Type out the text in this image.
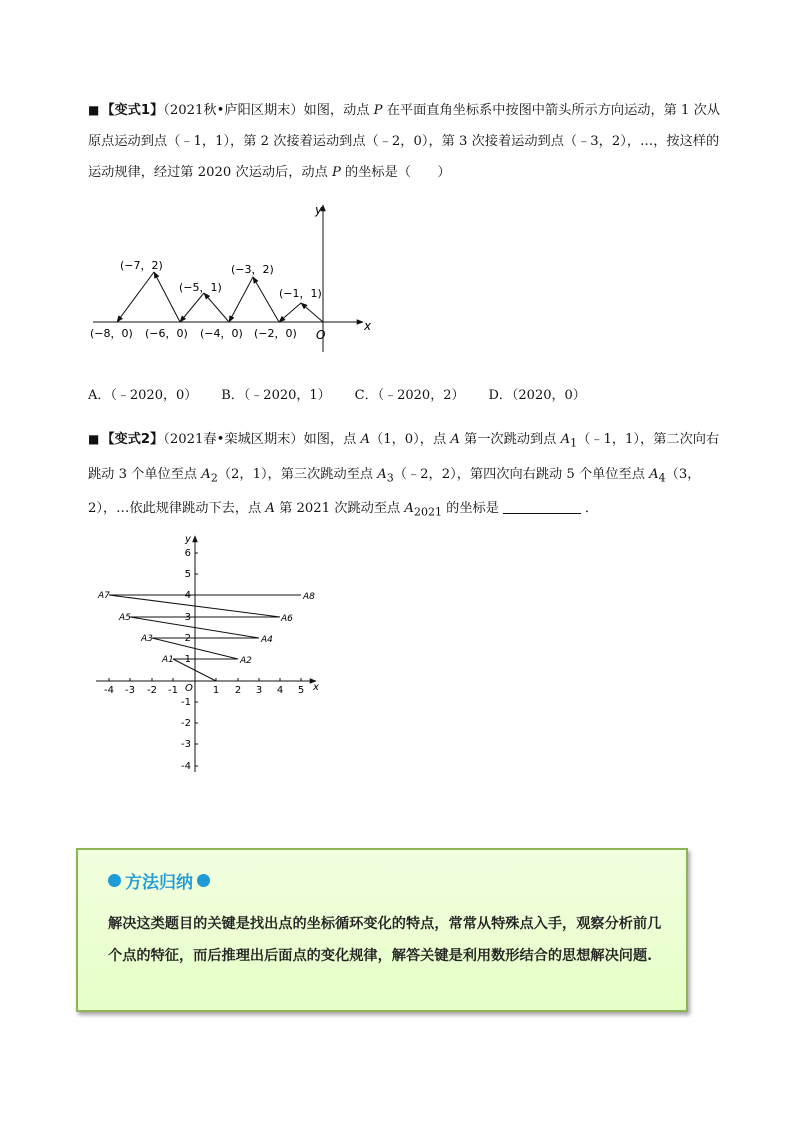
■ 【变式1】（2021秋•庐阳区期末）如图，动点 P 在平面直角坐标系中按图中箭头所示方向运动，第 1 次从原点运动到点（﹣1，1），第 2 次接着运动到点（﹣2，0），第 3 次接着运动到点（﹣3，2），…，按这样的运动规律，经过第 2020 次运动后，动点 P 的坐标是（　　）
y
x
O
(−7，2)
(−5，1)
(−3，2)
(−1，1)
(−8，0) (−6，0) (−4，0) (−2，0)
A．（﹣2020，0） B．（﹣2020，1） C．（﹣2020，2） D．（2020，0）
■ 【变式2】（2021春•栾城区期末）如图，点 A（1，0），点 A 第一次跳动到点 $A_1(﹣1$，1），第二次向右跳动 3 个单位至点 $A_2(2$，1），第三次跳动至点 $A_3(﹣2$，2），第四次向右跳动 5 个单位至点 $A_4(3$，2），…依此规律跳动下去，点 A 第 2021 次跳动至点 $A_{2021}$ 的坐标是	．
y
x
O
6
5
4
3
2
1
-1
-2
-3
-4
-4 -3 -2 -1	1 2 3 4 5
A1	A2
A3	A4
A5	A6
A7	A8
方法归纳
解决这类题目的关键是找出点的坐标循环变化的特点，常常从特殊点入手，观察分析前几个点的特征，而后推理出后面点的变化规律，解答关键是利用数形结合的思想解决问题.
